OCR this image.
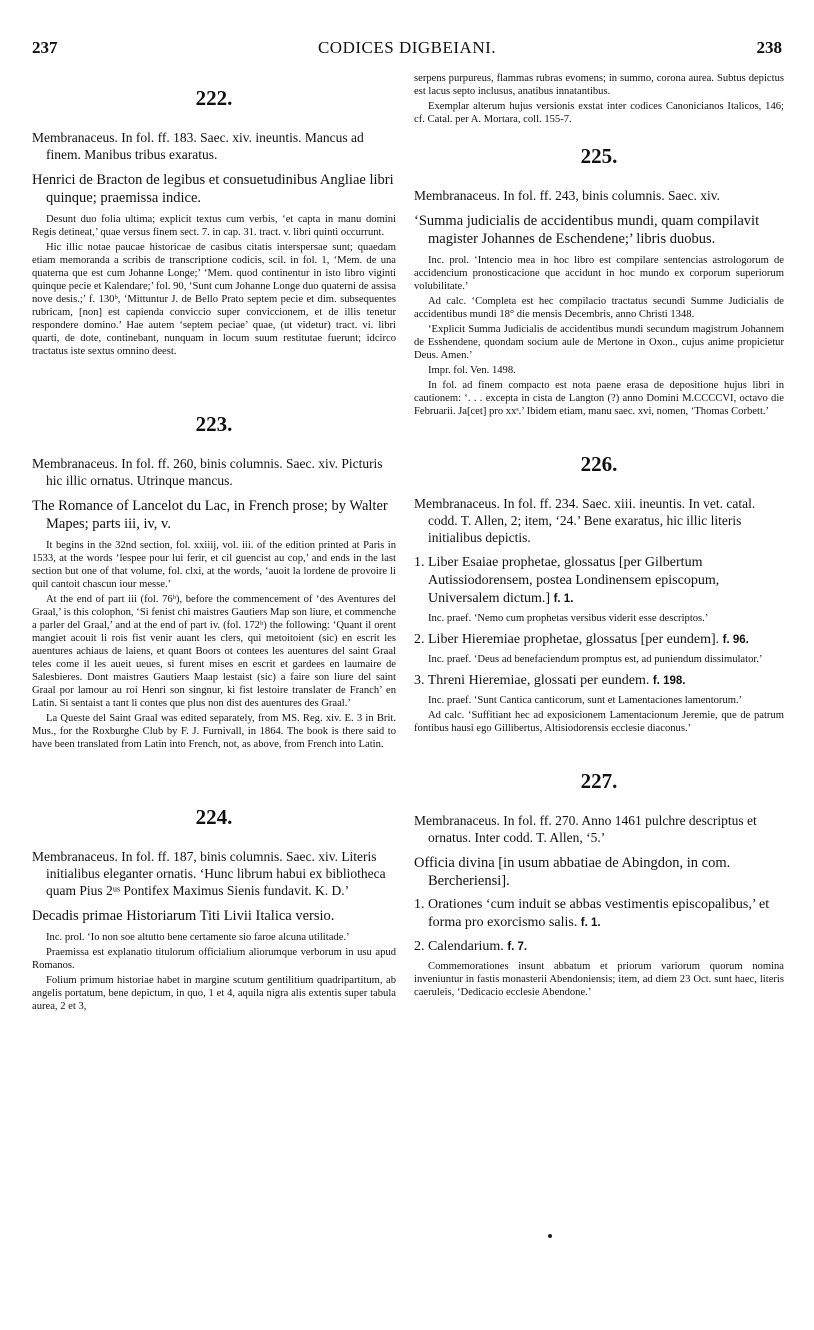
237	CODICES DIGBEIANI.	238
222.

Membranaceus. In fol. ff. 183. Saec. xiv. ineuntis. Mancus ad finem. Manibus tribus exaratus.

Henrici de Bracton de legibus et consuetudinibus Angliae libri quinque; praemissa indice.

Desunt duo folia ultima; explicit textus cum verbis, ‘et capta in manu domini Regis detineat,’ quae versus finem sect. 7. in cap. 31. tract. v. libri quinti occurrunt.

Hic illic notae paucae historicae de casibus citatis interspersae sunt; quaedam etiam memoranda a scribis de transcriptione codicis, scil. in fol. 1, ‘Mem. de una quaterna que est cum Johanne Longe;’ ‘Mem. quod continentur in isto libro viginti quinque pecie et Kalendare;’ fol. 90, ‘Sunt cum Johanne Longe duo quaterni de assisa nove desis.;’ f. 130ᵇ, ‘Mittuntur J. de Bello Prato septem pecie et dim. subsequentes rubricam, [non] est capienda conviccio super conviccionem, et de illis tenetur respondere domino.’ Hae autem ‘septem peciae’ quae, (ut videtur) tract. vi. libri quarti, de dote, continebant, nunquam in locum suum restitutae fuerunt; idcirco tractatus iste sextus omnino deest.

223.

Membranaceus. In fol. ff. 260, binis columnis. Saec. xiv. Picturis hic illic ornatus. Utrinque mancus.

The Romance of Lancelot du Lac, in French prose; by Walter Mapes; parts iii, iv, v.

It begins in the 32nd section, fol. xxiiij, vol. iii. of the edition printed at Paris in 1533, at the words ‘lespee pour lui ferir, et cil guencist au cop,’ and ends in the last section but one of that volume, fol. clxi, at the words, ‘auoit la lordene de provoire li quil cantoit chascun iour messe.’

At the end of part iii (fol. 76ᵇ), before the commencement of ‘des Aventures del Graal,’ is this colophon, ‘Si fenist chi maistres Gautiers Map son liure, et commenche a parler del Graal,’ and at the end of part iv. (fol. 172ᵇ) the following: ‘Quant il orent mangiet acouit li rois fist venir auant les clers, qui metoitoient (sic) en escrit les auentures achiaus de laiens, et quant Boors ot contees les auentures del saint Graal teles come il les aueit ueues, si furent mises en escrit et gardees en laumaire de Salesbieres. Dont maistres Gautiers Maap lestaist (sic) a faire son liure del saint Graal por lamour au roi Henri son singnur, ki fist lestoire translater de Franch’ en Latin. Si sentaist a tant li contes que plus non dist des auentures des Graal.’

La Queste del Saint Graal was edited separately, from MS. Reg. xiv. E. 3 in Brit. Mus., for the Roxburghe Club by F. J. Furnivall, in 1864. The book is there said to have been translated from Latin into French, not, as above, from French into Latin.

224.

Membranaceus. In fol. ff. 187, binis columnis. Saec. xiv. Literis initialibus eleganter ornatis. ‘Hunc librum habui ex bibliotheca quam Pius 2ᵘˢ Pontifex Maximus Sienis fundavit. K. D.’

Decadis primae Historiarum Titi Livii Italica versio.

Inc. prol. ‘Io non soe altutto bene certamente sio faroe alcuna utilitade.’

Praemissa est explanatio titulorum officialium aliorumque verborum in usu apud Romanos.

Folium primum historiae habet in margine scutum gentilitium quadripartitum, ab angelis portatum, bene depictum, in quo, 1 et 4, aquila nigra alis extentis super tabula aurea, 2 et 3,

serpens purpureus, flammas rubras evomens; in summo, corona aurea. Subtus depictus est lacus septo inclusus, anatibus innatantibus.

Exemplar alterum hujus versionis exstat inter codices Canonicianos Italicos, 146; cf. Catal. per A. Mortara, coll. 155-7.

225.

Membranaceus. In fol. ff. 243, binis columnis. Saec. xiv.

‘Summa judicialis de accidentibus mundi, quam compilavit magister Johannes de Eschendene;’ libris duobus.

Inc. prol. ‘Intencio mea in hoc libro est compilare sentencias astrologorum de accidencium pronosticacione que accidunt in hoc mundo ex corporum superiorum volubilitate.’

Ad calc. ‘Completa est hec compilacio tractatus secundi Summe Judicialis de accidentibus mundi 18° die mensis Decembris, anno Christi 1348.

‘Explicit Summa Judicialis de accidentibus mundi secundum magistrum Johannem de Esshendene, quondam socium aule de Mertone in Oxon., cujus anime propicietur Deus. Amen.’

Impr. fol. Ven. 1498.

In fol. ad finem compacto est nota paene erasa de depositione hujus libri in cautionem: ‘. . . excepta in cista de Langton (?) anno Domini M.CCCCVI, octavo die Februarii. Ja[cet] pro xxˢ.’ Ibidem etiam, manu saec. xvi, nomen, ‘Thomas Corbett.’

226.

Membranaceus. In fol. ff. 234. Saec. xiii. ineuntis. In vet. catal. codd. T. Allen, 2; item, ‘24.’ Bene exaratus, hic illic literis initialibus depictis.

1. Liber Esaiae prophetae, glossatus [per Gilbertum Autissiodorensem, postea Londinensem episcopum, Universalem dictum.] f. 1.

Inc. praef. ‘Nemo cum prophetas versibus viderit esse descriptos.’

2. Liber Hieremiae prophetae, glossatus [per eundem]. f. 96.

Inc. praef. ‘Deus ad benefaciendum promptus est, ad puniendum dissimulator.’

3. Threni Hieremiae, glossati per eundem. f. 198.

Inc. praef. ‘Sunt Cantica canticorum, sunt et Lamentaciones lamentorum.’

Ad calc. ‘Suffitiant hec ad exposicionem Lamentacionum Jeremie, que de patrum fontibus hausi ego Gillibertus, Altisiodorensis ecclesie diaconus.’

227.

Membranaceus. In fol. ff. 270. Anno 1461 pulchre descriptus et ornatus. Inter codd. T. Allen, ‘5.’

Officia divina [in usum abbatiae de Abingdon, in com. Bercheriensi].

1. Orationes ‘cum induit se abbas vestimentis episcopalibus,’ et forma pro exorcismo salis. f. 1.

2. Calendarium. f. 7.

Commemorationes insunt abbatum et priorum variorum quorum nomina inveniuntur in fastis monasterii Abendoniensis; item, ad diem 23 Oct. sunt haec, literis caeruleis, ‘Dedicacio ecclesie Abendone.’
